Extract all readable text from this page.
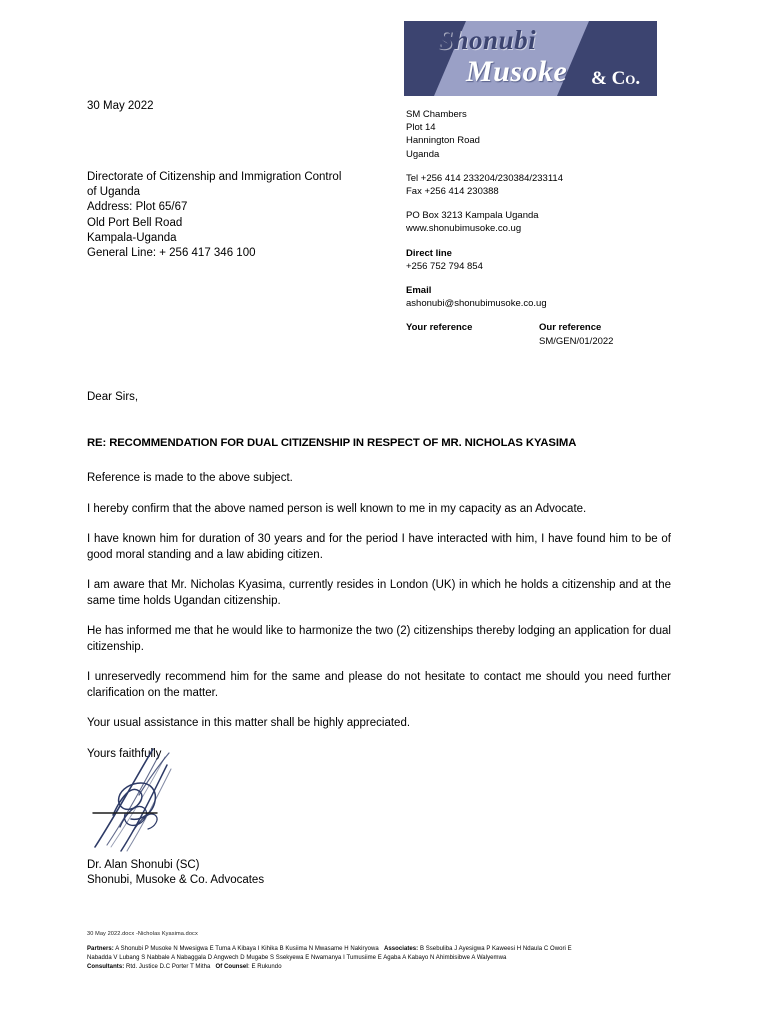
Shonubi
Musoke & Co.
30 May 2022
Directorate of Citizenship and Immigration Control
of Uganda
Address: Plot 65/67
Old Port Bell Road
Kampala-Uganda
General Line: + 256 417 346 100
SM Chambers
Plot 14
Hannington Road
Uganda
Tel +256 414 233204/230384/233114
Fax +256 414 230388
PO Box 3213 Kampala Uganda
www.shonubimusoke.co.ug
Direct line
+256 752 794 854
Email
ashonubi@shonubimusoke.co.ug
Your reference	Our reference
SM/GEN/01/2022

Dear Sirs,

RE: RECOMMENDATION FOR DUAL CITIZENSHIP IN RESPECT OF MR. NICHOLAS KYASIMA

Reference is made to the above subject.

I hereby confirm that the above named person is well known to me in my capacity as an Advocate.

I have known him for duration of 30 years and for the period I have interacted with him, I have found him to be of good moral standing and a law abiding citizen.

I am aware that Mr. Nicholas Kyasima, currently resides in London (UK) in which he holds a citizenship and at the same time holds Ugandan citizenship.

He has informed me that he would like to harmonize the two (2) citizenships thereby lodging an application for dual citizenship.

I unreservedly recommend him for the same and please do not hesitate to contact me should you need further clarification on the matter.

Your usual assistance in this matter shall be highly appreciated.

Yours faithfully

Dr. Alan Shonubi (SC)
Shonubi, Musoke & Co. Advocates
30 May 2022.docx -Nicholas Kyasima.docx
Partners: A Shonubi P Musoke N Mwesigwa E Tuma A Kibaya I Kihika B Kusiima N Mwasame H Nakiryowa Associates: B Ssebuliba J Ayesigwa P Kaweesi H Ndaula C Owori E
Nabadda V Lubang S Nabbale A Nabaggala D Angwech D Mugabe S Ssekyewa E Nwamanya I Tumusiime E Agaba A Kabayo N Ahimbisibwe A Walyemwa
Consultants: Rtd. Justice D.C Porter T Mitha Of Counsel: E Rukundo
